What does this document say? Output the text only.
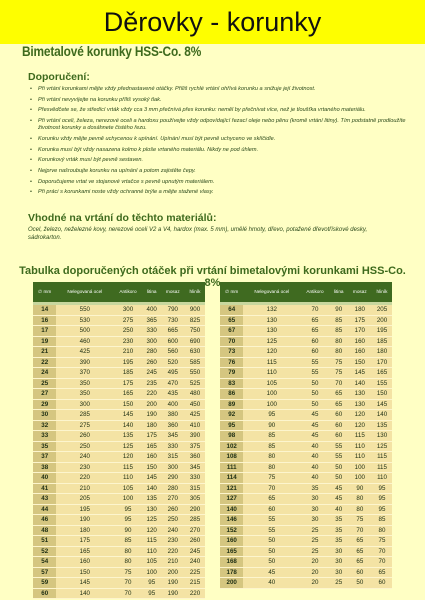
Děrovky - korunky
Bimetalové korunky HSS-Co. 8%
Doporučení:
• Při vrtání korunkami mějte vždy přednastavené otáčky. Příliš rychlé vrtání ohřívá korunku a snižuje její životnost.
• Při vrtání nevyvíjejte na korunku příliš vysoký tlak.
• Přesvědčete se, že středící vrták vždy cca 3 mm přečnívá přes korunku: neměl by přečnívat více, než je tloušťka vrtaného materiálu.
• Při vrtání oceli, železa, nerezové oceli a hardoxu používejte vždy odpovídající řezací oleje nebo pěnu (kromě vrtání litiny). Tím podstatně prodloužíte životnost korunky a dosáhnete čistého řezu.
• Korunku vždy mějte pevně uchycenou k upínání. Upínání musí být pevně uchyceno ve sklíčidle.
• Korunka musí být vždy nasazena kolmo k ploše vrtaného materiálu. Nikdy ne pod úhlem.
• Korunkový vrták musí být pevně sestaven.
• Nejprve našroubujte korunku na upínání a potom zajistěte čepy.
• Doporučujeme vrtat ve stojanové vrtačce s pevně upnutým materiálem.
• Při práci s korunkami noste vždy ochranné brýle a mějte stažené vlasy.
Vhodné na vrtání do těchto materiálů:
Ocel, železo, neželezné kovy, nerezové oceli V2 a V4, hardox (max. 5 mm), umělé hmoty, dřevo, potažené dřevotřískové desky, sádrokarton.
Tabulka doporučených otáček při vrtání bimetalovými korunkami HSS-Co. 8%
∅ mm	Nelegovaná ocel	Antikoro	litina	mosaz	hliník

14	550	300	400	790	900
16	530	275	365	730	825
17	500	250	330	665	750
19	460	230	300	600	690
21	425	210	280	560	630
22	390	195	260	520	585
24	370	185	245	495	550
25	350	175	235	470	525
27	350	165	220	435	480
29	300	150	200	400	450
30	285	145	190	380	425
32	275	140	180	360	410
33	260	135	175	345	390
35	250	125	165	330	375
37	240	120	160	315	360
38	230	115	150	300	345
40	220	110	145	290	330
41	210	105	140	280	315
43	205	100	135	270	305
44	195	95	130	260	290
46	190	95	125	250	285
48	180	90	120	240	270
51	175	85	115	230	260
52	165	80	110	220	245
54	160	80	105	210	240
57	150	75	100	200	225
59	145	70	95	190	215
60	140	70	95	190	220
∅ mm	Nelegovaná ocel	Antikoro	litina	mosaz	hliník

64	132	70	90	180	205
65	130	65	85	175	200
67	130	65	85	170	195
70	125	60	80	160	185
73	120	60	80	160	180
76	115	55	75	150	170
79	110	55	75	145	165
83	105	50	70	140	155
86	100	50	65	130	150
89	100	50	65	130	145
92	95	45	60	120	140
95	90	45	60	120	135
98	85	45	60	115	130
102	85	40	55	110	125
108	80	40	55	110	115
111	80	40	50	100	115
114	75	40	50	100	110
121	70	35	45	90	95
127	65	30	45	80	95
140	60	30	40	80	95
146	55	30	35	75	85
152	55	25	35	70	80
160	50	25	35	65	75
165	50	25	30	65	70
168	50	20	30	65	70
178	45	20	30	60	65
200	40	20	25	50	60
